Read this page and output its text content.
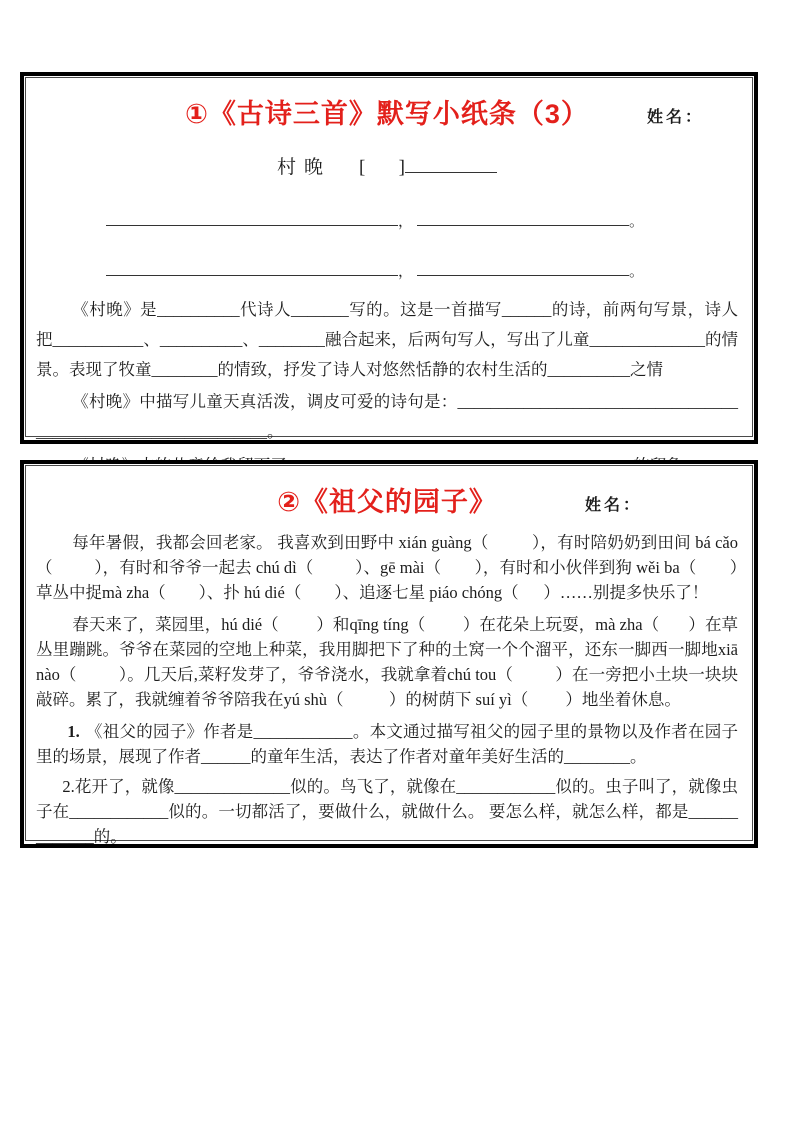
①《古诗三首》默写小纸条（3）	姓名：
村晚 [       ]
，	。
，	。

《村晚》是__________代诗人_______写的。这是一首描写______的诗，前两句写景，诗人把___________、__________、________融合起来，后两句写人，写出了儿童______________的情景。表现了牧童________的情致，抒发了诗人对悠然恬静的农村生活的__________之情

《村晚》中描写儿童天真活泼，调皮可爱的诗句是：______________________________________________________________。

②《祖父的园子》	姓名：

每年暑假，我都会回老家。 我喜欢到田野中 xián guàng（          ），有时陪奶奶到田间 bá cǎo（          ），有时和爷爷一起去 chú dì（          ）、gē mài（        ），有时和小伙伴到狗 wěi ba（        ）草丛中捉mà zha（        ）、扑 hú dié（        ）、追逐七星 piáo chóng（      ）……别提多快乐了！

春天来了，菜园里，hú dié（         ）和qīng tíng（         ）在花朵上玩耍，mà zha（       ）在草丛里蹦跳。爷爷在菜园的空地上种菜，我用脚把下了种的土窝一个个溜平，还东一脚西一脚地xiā nào（          ）。几天后,菜籽发芽了，爷爷浇水，我就拿着chú tou（          ）在一旁把小土块一块块敲碎。累了，我就缠着爷爷陪我在yú shù（           ）的树荫下 suí yì（         ）地坐着休息。

1. 《祖父的园子》作者是____________。本文通过描写祖父的园子里的景物以及作者在园子里的场景，展现了作者______的童年生活，表达了作者对童年美好生活的________。

2.花开了，就像______________似的。鸟飞了，就像在____________似的。虫子叫了，就像虫子在____________似的。一切都活了，要做什么，就做什么。 要怎么样，就怎么样，都是_____________的。
